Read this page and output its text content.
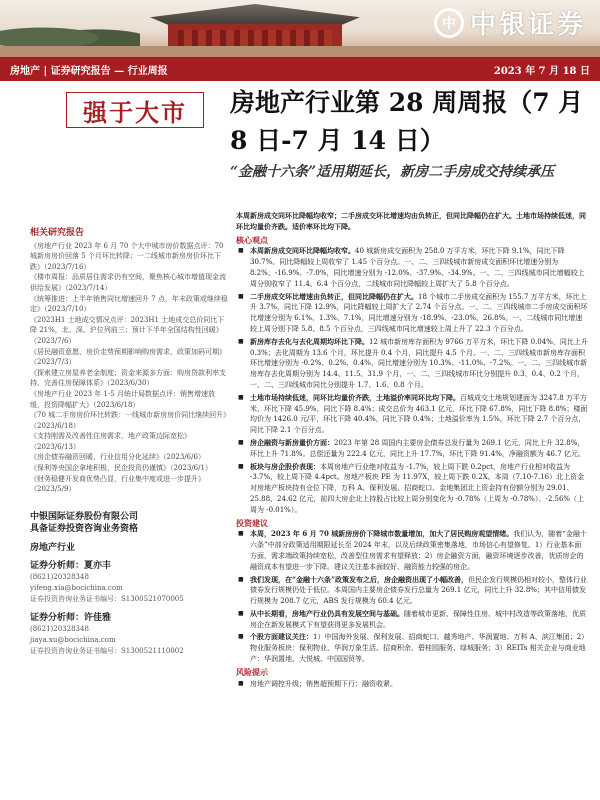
中 中银证券
房地产 | 证券研究报告 — 行业周报	2023 年 7 月 18 日
强于大市	房地产行业第 28 周周报（7 月 8 日-7 月 14 日）
“金融十六条”适用期延长，新房二手房成交持续承压
相关研究报告

《房地产行业 2023 年 6 月 70 个大中城市房价数据点评：70 城新房房价回落 5 个月环比转降；一二线城市新房房价环比下跌》（2023/7/16）

《楼市周报：品质居住需求仍有空间，聚焦核心城市增值现金流供给发展》（2023/7/14）

《统筹推进：上半年销售同比增速回升 7 点，年末政策或继续稳定》（2023/7/10）

《2023H1 土地成交情况点评：2023H1 土地成交总价同比下降 21%，北、深、沪位列前三；预计下半年全国结构性回暖》（2023/7/6）

《居民融资意愿、房价走势预期影响购房需求，政策加码可期》（2023/7/3）

《探索建立房屋养老金制度；资金来源多方面：购房贷款利率支持、完善住房保障体系》（2023/6/30）

《房地产行业 2023 年 1-5 月统计局数据点评：销售增速放缓，投资降幅扩大》（2023/6/18）

《70 城二手房房价环比转跌：一线城市新房房价同比继续回升》（2023/6/18）

《支持刚需及改善性住房需求，地产政策边际宽松》（2023/6/13）

《房企债券融资回暖，行业信用分化延续》（2023/6/6）

《保利等央国企拿地积极，民企投资仍谨慎》（2023/6/1）

《财务稳健开发商优势凸显，行业集中度或进一步提升》（2023/5/9）

中银国际证券股份有限公司
具备证券投资咨询业务资格
房地产行业
证券分析师：夏亦丰
(8621)20328348
yifeng.xia@bocichina.com
证券投资咨询业务证书编号：S1300521070005
证券分析师：许佳雅
(8621)20328348
jiaya.xu@bocichina.com
证券投资咨询业务证书编号：S1300521110002

本周新房成交同环比降幅均收窄；二手房成交环比增速均由负转正，但同比降幅仍在扩大。土地市场持续低迷，同环比均量价齐跌。适价率环比均下降。

核心观点

■ 本周新房成交同环比降幅均收窄。40 城新房成交面积为 258.0 万平方米，环比下降 9.1%，同比下降 30.7%。同比降幅较上周收窄了 1.45 个百分点。一、二、三四线城市新房成交面积环比增速分别为 8.2%、-16.9%、-7.0%，同比增速分别为 -12.0%、-37.9%、-34.9%。一、二、三四线城市同比增幅较上周分别收窄了 11.4、6.4 个百分点，二线城市同比降幅较上周扩大了 5.8 个百分点。

■ 二手房成交环比增速由负转正，但同比降幅仍在扩大。18 个城市二手房成交面积为 155.7 万平方米，环比上升 3.7%，同比下降 12.9%，同比降幅较上周扩大了 2.74 个百分点。一、二、三四线城市二手房成交面积环比增速分别为 6.1%、1.3%、7.1%，同比增速分别为 -18.9%、-23.0%、26.8%。一、二线城市同比增速较上周分别下降 5.8、8.5 个百分点，三四线城市同比增速较上周上升了 22.3 个百分点。

■ 新房库存去化与去化周期均环比下降。12 城市新房库存面积为 9766 万平方米，环比下降 0.04%，同比上升 0.3%；去化周期为 13.6 个月，环比提升 0.4 个月，同比提升 4.5 个月。一、二、三四线城市新房库存面积环比增速分别为 -0.2%、0.2%、0.4%，同比增速分别为 10.3%、-11.0%、-7.2%。一、二、三四线城市新房库存去化周期分别为 14.4、11.5、31.9 个月，一、二、三四线城市环比分别提升 0.3、0.4、0.2 个月，一、二、三四线城市同比分别提升 1.7、1.6、0.8 个月。

■ 土地市场持续低迷，同环比均量价齐跌，土地溢价率同环比均下降。百城成交土地规划建面为 3247.8 万平方米，环比下降 45.9%，同比下降 8.4%；成交总价为 463.1 亿元，环比下降 67.8%，同比下降 8.8%；楼面均价为 1426.0 元/平，环比下降 40.4%，同比下降 0.4%；土地溢价率为 1.5%，环比下降 2.7 个百分点，同比下降 2.1 个百分点。

■ 房企融资与新房量价方面：2023 年第 28 周国内主要房企债券总发行量为 269.1 亿元，同比上升 32.8%，环比上升 71.8%。总偿还量为 222.4 亿元，同比上升 17.7%，环比下降 91.4%，净融资额为 46.7 亿元。

■ 板块与房企股价表现：本周房地产行业绝对收益为 -1.7%，较上周下跌 0.2pct，房地产行业相对收益为 -3.7%，较上周下降 4.4pct。房地产板块 PE 为 11.97X，较上周下跌 0.2X。本周（7.10-7.16）北上资金对房地产板块持有仓位下降，万科 A、保利发展、招商蛇口、金地集团北上资金持有份额分别为 29.01、25.88、24.62 亿元，前四大房企北上持股占比较上周分别变化为 -0.78%（上周为 -0.78%）、-2.56%（上周为 -0.01%）。

投资建议

■ 本周，2023 年 6 月 70 城新房房价下降城市数量增加，加大了居民购房观望情绪。我们认为，随着“金融十六条”中部分政策适用期限延长至 2024 年末，以及后续政策密集落地，市场信心有望修复。1）行业基本面方面，需求端政策持续宽松，改善型住房需求有望释放；2）房企融资方面，融资环境逐步改善，优质房企的融资成本有望进一步下降。建议关注基本面较好、融资能力较强的房企。

■ 我们发现，在“金融十六条”政策发布之后，房企融资出现了小幅改善，但民企发行规模仍相对较小，整体行业债券发行规模仍处于低位。本周国内主要房企债券发行总量为 269.1 亿元，同比上升 32.8%；其中信用债发行规模为 208.7 亿元，ABS 发行规模为 60.4 亿元。

■ 从中长期看，房地产行业仍具有发展空间与基础。随着城市更新、保障性住房、城中村改造等政策落地，优质房企在新发展模式下有望获得更多发展机会。

■ 个股方面建议关注：1）中国海外发展、保利发展、招商蛇口、越秀地产、华润置地、万科 A、滨江集团；2）物业服务板块：保利物业、华润万象生活、招商积余、碧桂园服务、绿城服务；3）REITs 相关企业与商业地产：华润置地、大悦城、中国国贸等。

风险提示

■ 房地产调控升级；销售超预期下行；融资收紧。
